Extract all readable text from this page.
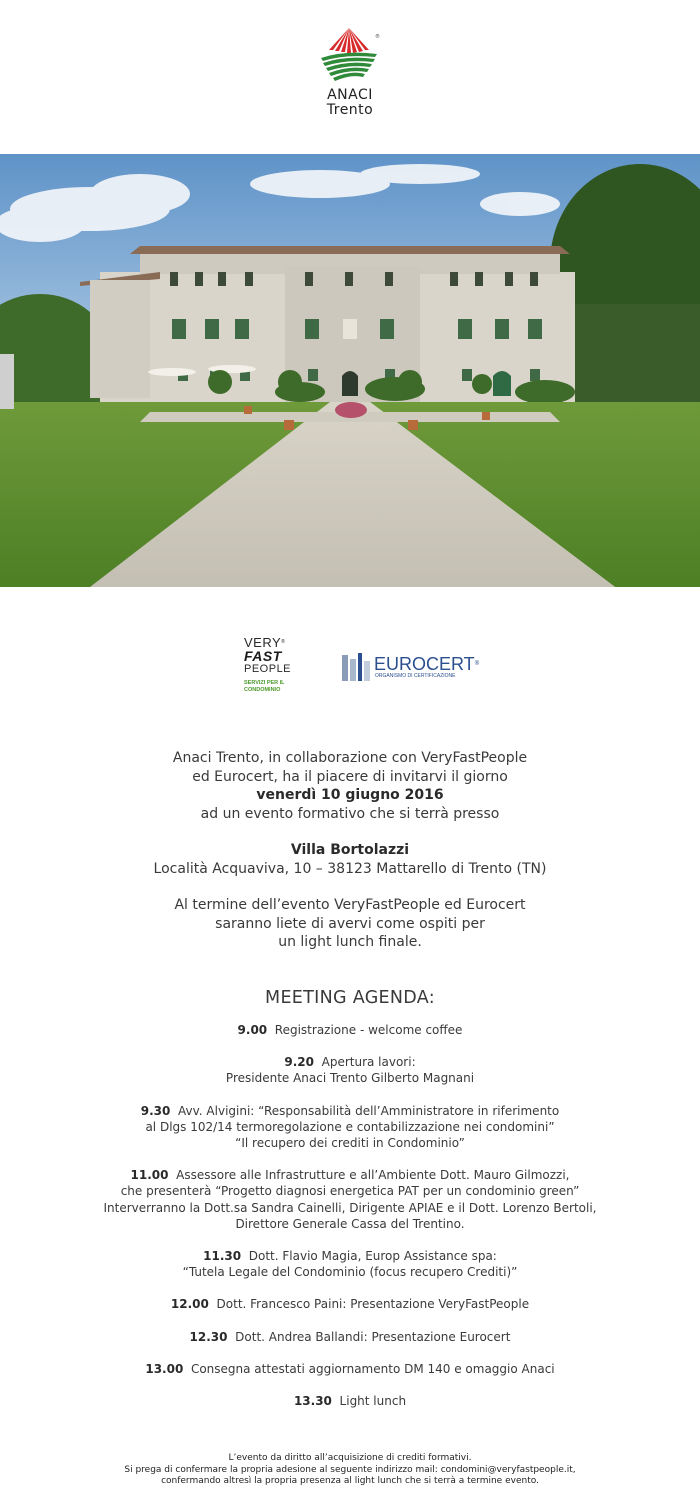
®
ANACI
Trento
VERY®
FAST
PEOPLE
SERVIZI PER IL
CONDOMINIO
EUROCERT®
ORGANISMO DI CERTIFICAZIONE
Anaci Trento, in collaborazione con VeryFastPeople
ed Eurocert, ha il piacere di invitarvi il giorno
venerdì 10 giugno 2016
ad un evento formativo che si terrà presso
Villa Bortolazzi
Località Acquaviva, 10 – 38123 Mattarello di Trento (TN)
Al termine dell’evento VeryFastPeople ed Eurocert
saranno liete di avervi come ospiti per
un light lunch finale.
MEETING AGENDA:
9.00 Registrazione - welcome coffee
9.20 Apertura lavori:
Presidente Anaci Trento Gilberto Magnani
9.30 Avv. Alvigini: “Responsabilità dell’Amministratore in riferimento
al Dlgs 102/14 termoregolazione e contabilizzazione nei condomini”
“Il recupero dei crediti in Condominio”
11.00 Assessore alle Infrastrutture e all’Ambiente Dott. Mauro Gilmozzi,
che presenterà “Progetto diagnosi energetica PAT per un condominio green”
Interverranno la Dott.sa Sandra Cainelli, Dirigente APIAE e il Dott. Lorenzo Bertoli,
Direttore Generale Cassa del Trentino.
11.30 Dott. Flavio Magia, Europ Assistance spa:
“Tutela Legale del Condominio (focus recupero Crediti)”
12.00 Dott. Francesco Paini: Presentazione VeryFastPeople
12.30 Dott. Andrea Ballandi: Presentazione Eurocert
13.00 Consegna attestati aggiornamento DM 140 e omaggio Anaci
13.30 Light lunch
L’evento da diritto all’acquisizione di crediti formativi.
Si prega di confermare la propria adesione al seguente indirizzo mail: condomini@veryfastpeople.it,
confermando altresì la propria presenza al light lunch che si terrà a termine evento.
